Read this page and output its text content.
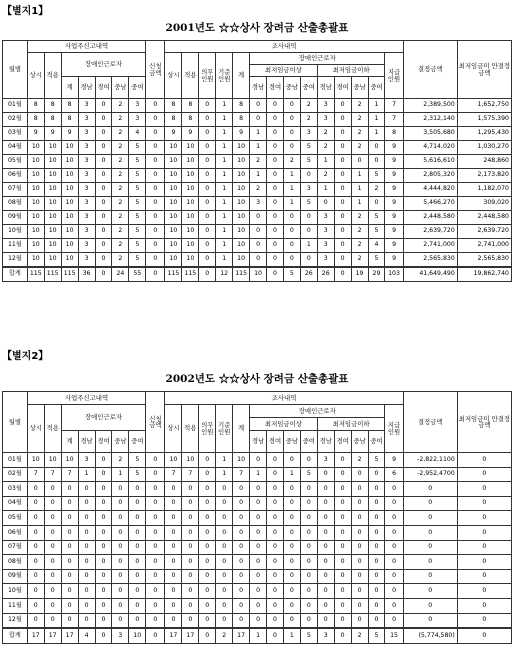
【별지1】
2001년도 ☆☆상사 장려금 산출총괄표
월별	사업주신고내역							신청금액	조사내역														결정금액	최저임금미 만결정금액
	상시	적용	장애인근로자						상시	적용	의무인원	기준인원	계	장애인근로자								지급인원		
														최저임금이상				최저임금이하						
			계	경남	경여	중남	중여							경남	경여	중남	중여	경남	경여	중남	중여			
01월	8	8	8	3	0	2	3	0	8	8	0	1	8	0	0	0	2	3	0	2	1	7	2,389,500	1,652,750
02월	8	8	8	3	0	2	3	0	8	8	0	1	8	0	0	0	2	3	0	2	1	7	2,312,140	1,575,390
03월	9	9	9	3	0	2	4	0	9	9	0	1	9	1	0	0	3	2	0	2	1	8	3,505,680	1,295,430
04월	10	10	10	3	0	2	5	0	10	10	0	1	10	1	0	0	5	2	0	2	0	9	4,714,020	1,030,270
05월	10	10	10	3	0	2	5	0	10	10	0	1	10	2	0	2	5	1	0	0	0	9	5,616,610	248,860
06월	10	10	10	3	0	2	5	0	10	10	0	1	10	1	0	1	0	2	0	1	5	9	2,805,320	2,173,820
07월	10	10	10	3	0	2	5	0	10	10	0	1	10	2	0	1	3	1	0	1	2	9	4,444,820	1,182,070
08월	10	10	10	3	0	2	5	0	10	10	0	1	10	3	0	1	5	0	0	1	0	9	5,466,270	309,020
09월	10	10	10	3	0	2	5	0	10	10	0	1	10	0	0	0	0	3	0	2	5	9	2,448,580	2,448,580
10월	10	10	10	3	0	2	5	0	10	10	0	1	10	0	0	0	0	3	0	2	5	9	2,639,720	2,639,720
11월	10	10	10	3	0	2	5	0	10	10	0	1	10	0	0	0	1	3	0	2	4	9	2,741,000	2,741,000
12월	10	10	10	3	0	2	5	0	10	10	0	1	10	0	0	0	0	3	0	2	5	9	2,565,830	2,565,830
합계	115	115	115	36	0	24	55	0	115	115	0	12	115	10	0	5	26	26	0	19	29	103	41,649,490	19,862,740
【별지2】
2002년도 ☆☆상사 장려금 산출총괄표
월별	사업주신고내역							신청금액	조사내역														결정금액	최저임금미 만결정금액
	상시	적용	장애인근로자						상시	적용	의무인원	기준인원	계	장애인근로자								지급인원		
														최저임금이상				최저임금이하						
			계	경남	경여	중남	중여							경남	경여	중남	중여	경남	경여	중남	중여			
01월	10	10	10	3	0	2	5	0	10	10	0	1	10	0	0	0	0	3	0	2	5	9	-2,822,1100	0
02월	7	7	7	1	0	1	5	0	7	7	0	1	7	1	0	1	5	0	0	0	0	6	-2,952,4700	0
03월	0	0	0	0	0	0	0	0	0	0	0	0	0	0	0	0	0	0	0	0	0	0	0	0
04월	0	0	0	0	0	0	0	0	0	0	0	0	0	0	0	0	0	0	0	0	0	0	0	0
05월	0	0	0	0	0	0	0	0	0	0	0	0	0	0	0	0	0	0	0	0	0	0	0	0
06월	0	0	0	0	0	0	0	0	0	0	0	0	0	0	0	0	0	0	0	0	0	0	0	0
07월	0	0	0	0	0	0	0	0	0	0	0	0	0	0	0	0	0	0	0	0	0	0	0	0
08월	0	0	0	0	0	0	0	0	0	0	0	0	0	0	0	0	0	0	0	0	0	0	0	0
09월	0	0	0	0	0	0	0	0	0	0	0	0	0	0	0	0	0	0	0	0	0	0	0	0
10월	0	0	0	0	0	0	0	0	0	0	0	0	0	0	0	0	0	0	0	0	0	0	0	0
11월	0	0	0	0	0	0	0	0	0	0	0	0	0	0	0	0	0	0	0	0	0	0	0	0
12월	0	0	0	0	0	0	0	0	0	0	0	0	0	0	0	0	0	0	0	0	0	0	0	0
합계	17	17	17	4	0	3	10	0	17	17	0	2	17	1	0	1	5	3	0	2	5	15	(5,774,580)	0
